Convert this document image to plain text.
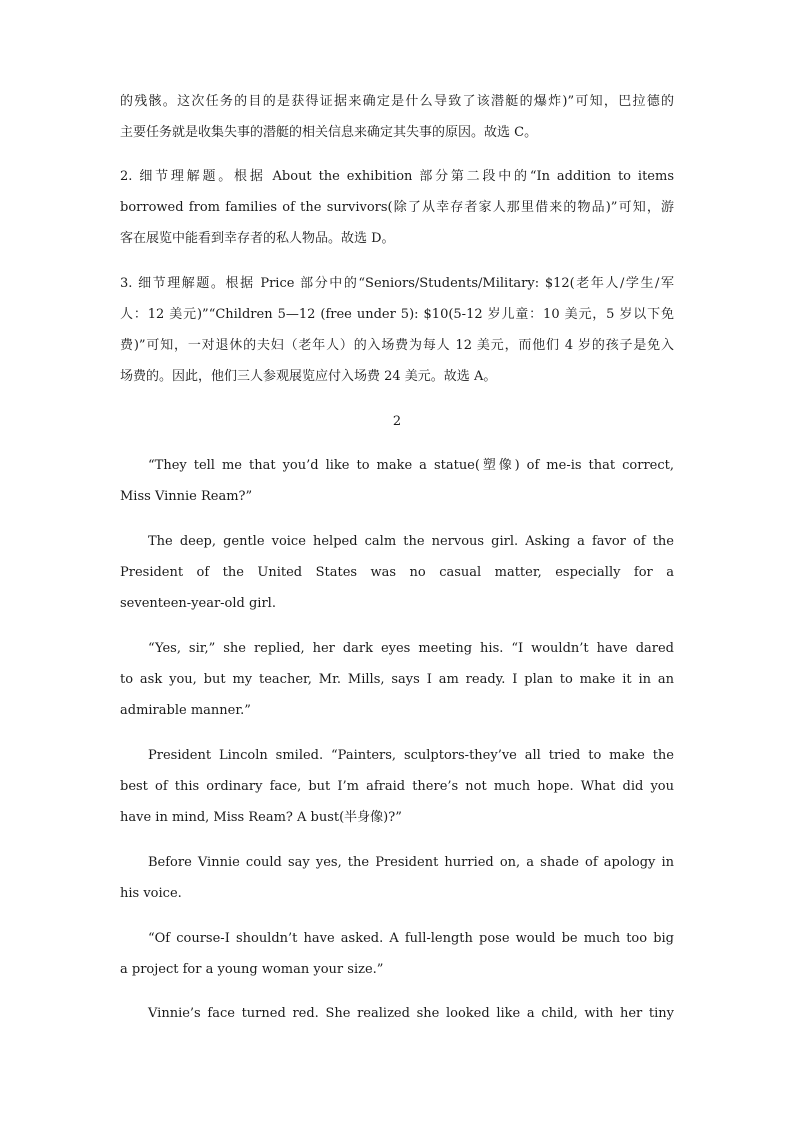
的残骸。这次任务的目的是获得证据来确定是什么导致了该潜艇的爆炸)”可知，巴拉德的
主要任务就是收集失事的潜艇的相关信息来确定其失事的原因。故选 C。
2. 细节理解题。根据 About the exhibition 部分第二段中的“In addition to items
borrowed from families of the survivors(除了从幸存者家人那里借来的物品)”可知，游
客在展览中能看到幸存者的私人物品。故选 D。
3. 细节理解题。根据 Price 部分中的“Seniors/Students/Military: $12(老年人/学生/军
人：12 美元)”“Children 5—12 (free under 5): $10(5-12 岁儿童：10 美元，5 岁以下免
费)”可知，一对退休的夫妇（老年人）的入场费为每人 12 美元，而他们 4 岁的孩子是免入
场费的。因此，他们三人参观展览应付入场费 24 美元。故选 A。
2
“They tell me that you’d like to make a statue(塑像) of me-is that correct,
Miss Vinnie Ream?”
The deep, gentle voice helped calm the nervous girl. Asking a favor of the
President of the United States was no casual matter, especially for a
seventeen-year-old girl.
“Yes, sir,” she replied, her dark eyes meeting his. “I wouldn’t have dared
to ask you, but my teacher, Mr. Mills, says I am ready. I plan to make it in an
admirable manner.”
President Lincoln smiled. “Painters, sculptors-they’ve all tried to make the
best of this ordinary face, but I’m afraid there’s not much hope. What did you
have in mind, Miss Ream? A bust(半身像)?”
Before Vinnie could say yes, the President hurried on, a shade of apology in
his voice.
“Of course-I shouldn’t have asked. A full-length pose would be much too big
a project for a young woman your size.”
Vinnie’s face turned red. She realized she looked like a child, with her tiny
